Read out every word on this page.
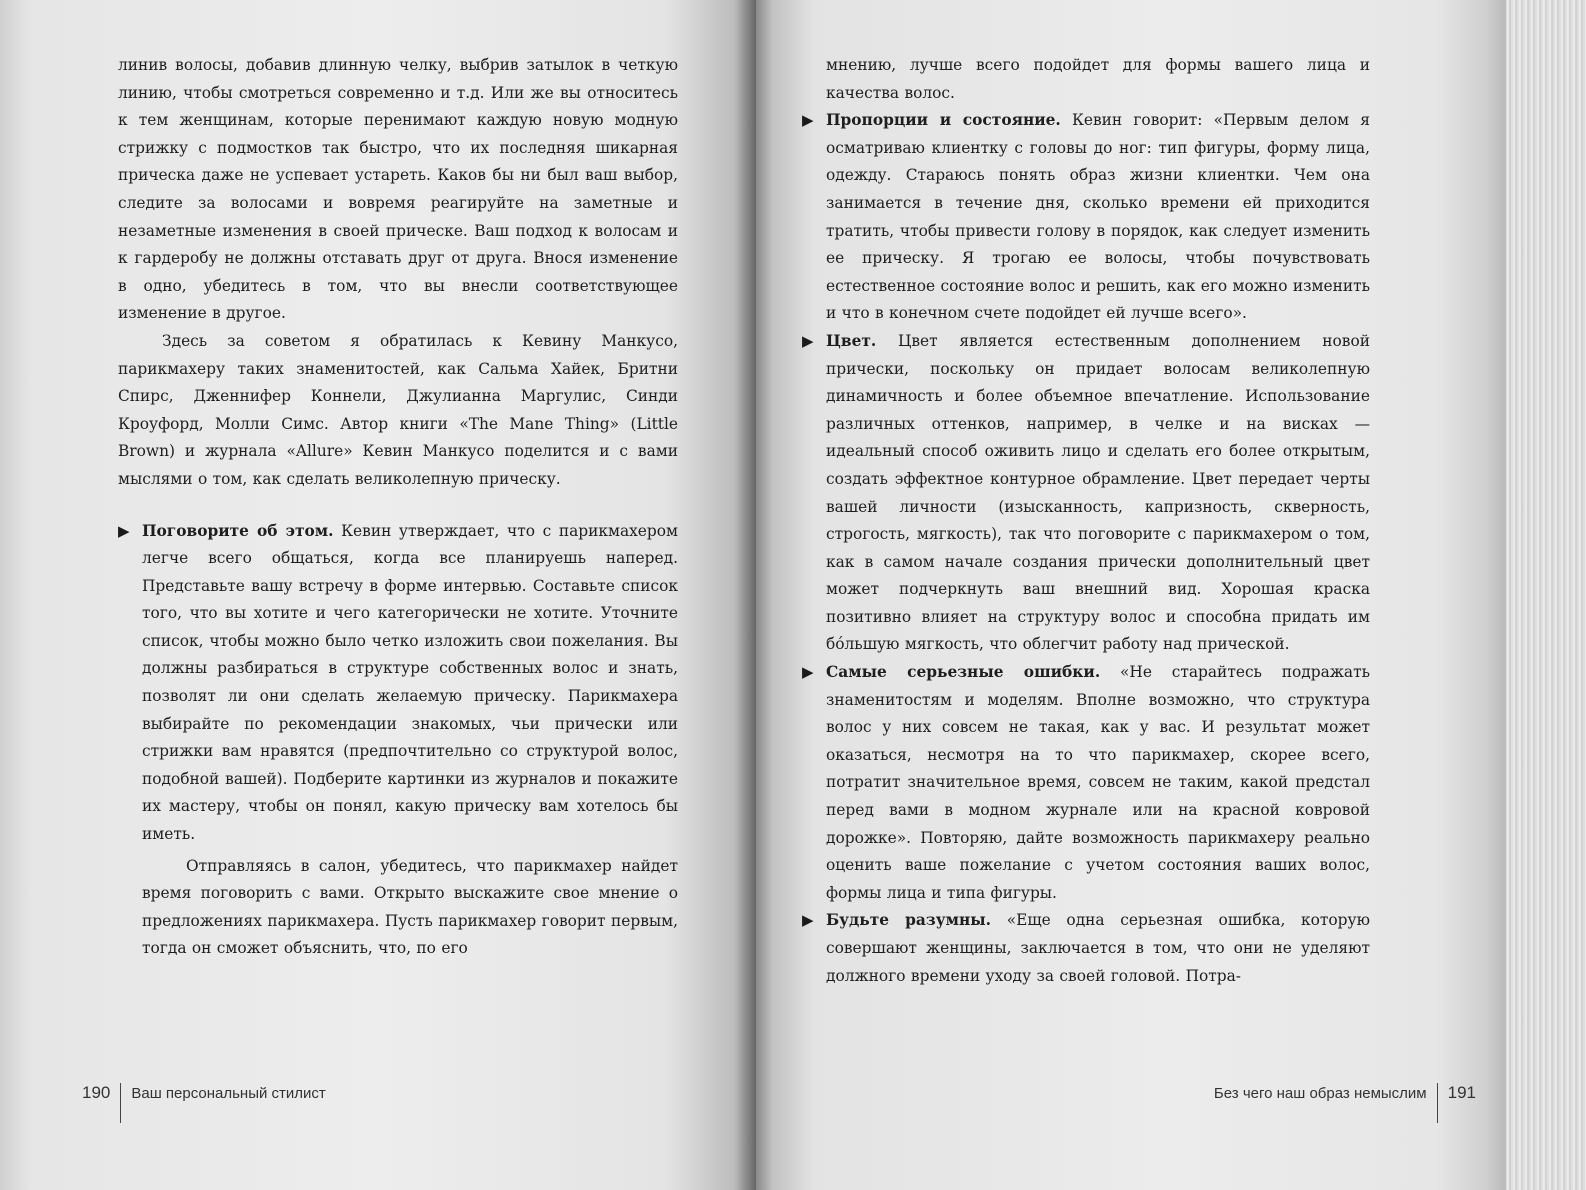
линив волосы, добавив длинную челку, выбрив затылок в четкую линию, чтобы смотреться современно и т.д. Или же вы относитесь к тем женщинам, которые перенимают каждую новую модную стрижку с подмостков так быстро, что их последняя шикарная прическа даже не успевает устареть. Каков бы ни был ваш выбор, следите за волосами и вовремя реагируйте на заметные и незаметные изменения в своей прическе. Ваш подход к волосам и к гардеробу не должны отставать друг от друга. Внося изменение в одно, убедитесь в том, что вы внесли соответствующее изменение в другое.

Здесь за советом я обратилась к Кевину Манкусо, парикмахеру таких знаменитостей, как Сальма Хайек, Бритни Спирс, Дженнифер Коннели, Джулианна Маргулис, Синди Кроуфорд, Молли Симс. Автор книги «The Mane Thing» (Little Brown) и журнала «Allure» Кевин Манкусо поделится и с вами мыслями о том, как сделать великолепную прическу.

▶ Поговорите об этом. Кевин утверждает, что с парикмахером легче всего общаться, когда все планируешь наперед. Представьте вашу встречу в форме интервью. Составьте список того, что вы хотите и чего категорически не хотите. Уточните список, чтобы можно было четко изложить свои пожелания. Вы должны разбираться в структуре собственных волос и знать, позволят ли они сделать желаемую прическу. Парикмахера выбирайте по рекомендации знакомых, чьи прически или стрижки вам нравятся (предпочтительно со структурой волос, подобной вашей). Подберите картинки из журналов и покажите их мастеру, чтобы он понял, какую прическу вам хотелось бы иметь.

Отправляясь в салон, убедитесь, что парикмахер найдет время поговорить с вами. Открыто выскажите свое мнение о предложениях парикмахера. Пусть парикмахер говорит первым, тогда он сможет объяснить, что, по его

190 Ваш персональный стилист

мнению, лучше всего подойдет для формы вашего лица и качества волос.

▶ Пропорции и состояние. Кевин говорит: «Первым делом я осматриваю клиентку с головы до ног: тип фигуры, форму лица, одежду. Стараюсь понять образ жизни клиентки. Чем она занимается в течение дня, сколько времени ей приходится тратить, чтобы привести голову в порядок, как следует изменить ее прическу. Я трогаю ее волосы, чтобы почувствовать естественное состояние волос и решить, как его можно изменить и что в конечном счете подойдет ей лучше всего».

▶ Цвет. Цвет является естественным дополнением новой прически, поскольку он придает волосам великолепную динамичность и более объемное впечатление. Использование различных оттенков, например, в челке и на висках — идеальный способ оживить лицо и сделать его более открытым, создать эффектное контурное обрамление. Цвет передает черты вашей личности (изысканность, капризность, скверность, строгость, мягкость), так что поговорите с парикмахером о том, как в самом начале создания прически дополнительный цвет может подчеркнуть ваш внешний вид. Хорошая краска позитивно влияет на структуру волос и способна придать им бóльшую мягкость, что облегчит работу над прической.

▶ Самые серьезные ошибки. «Не старайтесь подражать знаменитостям и моделям. Вполне возможно, что структура волос у них совсем не такая, как у вас. И результат может оказаться, несмотря на то что парикмахер, скорее всего, потратит значительное время, совсем не таким, какой предстал перед вами в модном журнале или на красной ковровой дорожке». Повторяю, дайте возможность парикмахеру реально оценить ваше пожелание с учетом состояния ваших волос, формы лица и типа фигуры.

▶ Будьте разумны. «Еще одна серьезная ошибка, которую совершают женщины, заключается в том, что они не уделяют должного времени уходу за своей головой. Потра-

Без чего наш образ немыслим 191
